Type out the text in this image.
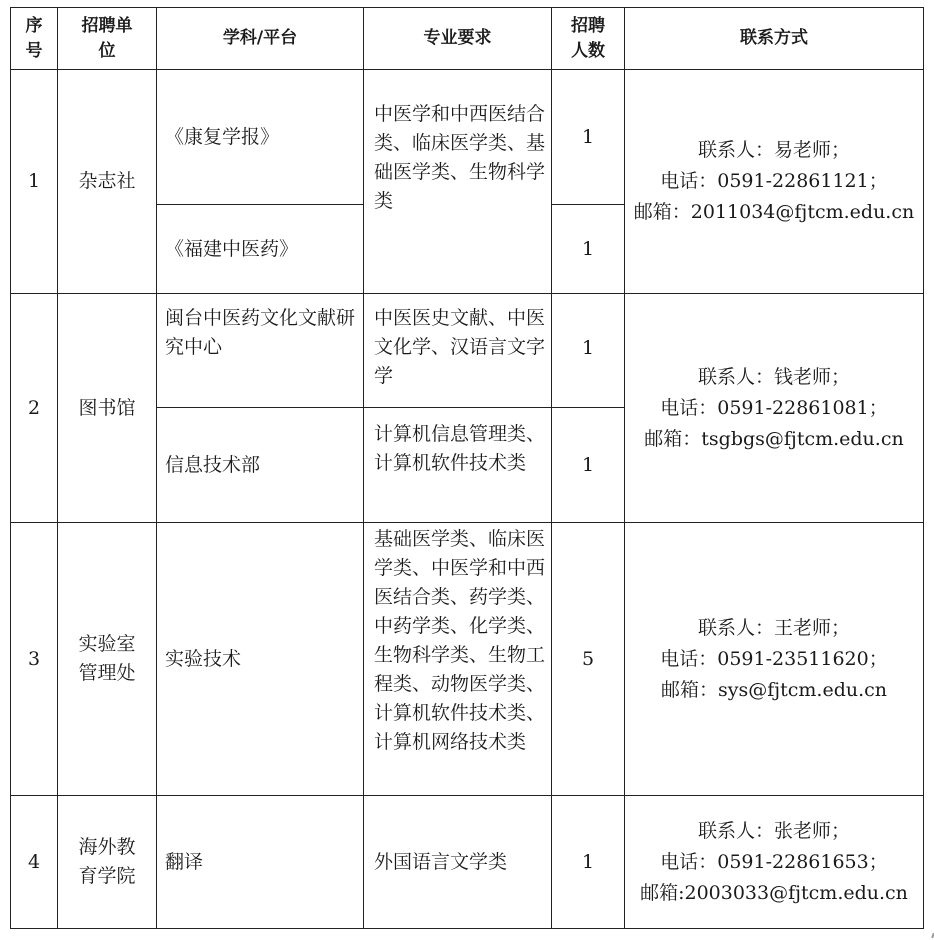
序号	招聘单位	学科/平台	专业要求	招聘人数	联系方式
1	杂志社	《康复学报》	中医学和中西医结合类、临床医学类、基础医学类、生物科学类	1	联系人：易老师；
电话：0591-22861121；
邮箱：2011034@fjtcm.edu.cn

		《福建中医药》		1	
2	图书馆	闽台中医药文化文献研究中心	中医医史文献、中医文化学、汉语言文字学	1	联系人：钱老师；
电话：0591-22861081；
邮箱：tsgbgs@fjtcm.edu.cn

		信息技术部	计算机信息管理类、计算机软件技术类	1	
3	实验室管理处	实验技术	基础医学类、临床医学类、中医学和中西医结合类、药学类、中药学类、化学类、生物科学类、生物工程类、动物医学类、计算机软件技术类、计算机网络技术类	5	联系人：王老师；
电话：0591-23511620；
邮箱：sys@fjtcm.edu.cn

4	海外教育学院	翻译	外国语言文学类	1	联系人：张老师；
电话：0591-22861653；
邮箱:2003033@fjtcm.edu.cn
